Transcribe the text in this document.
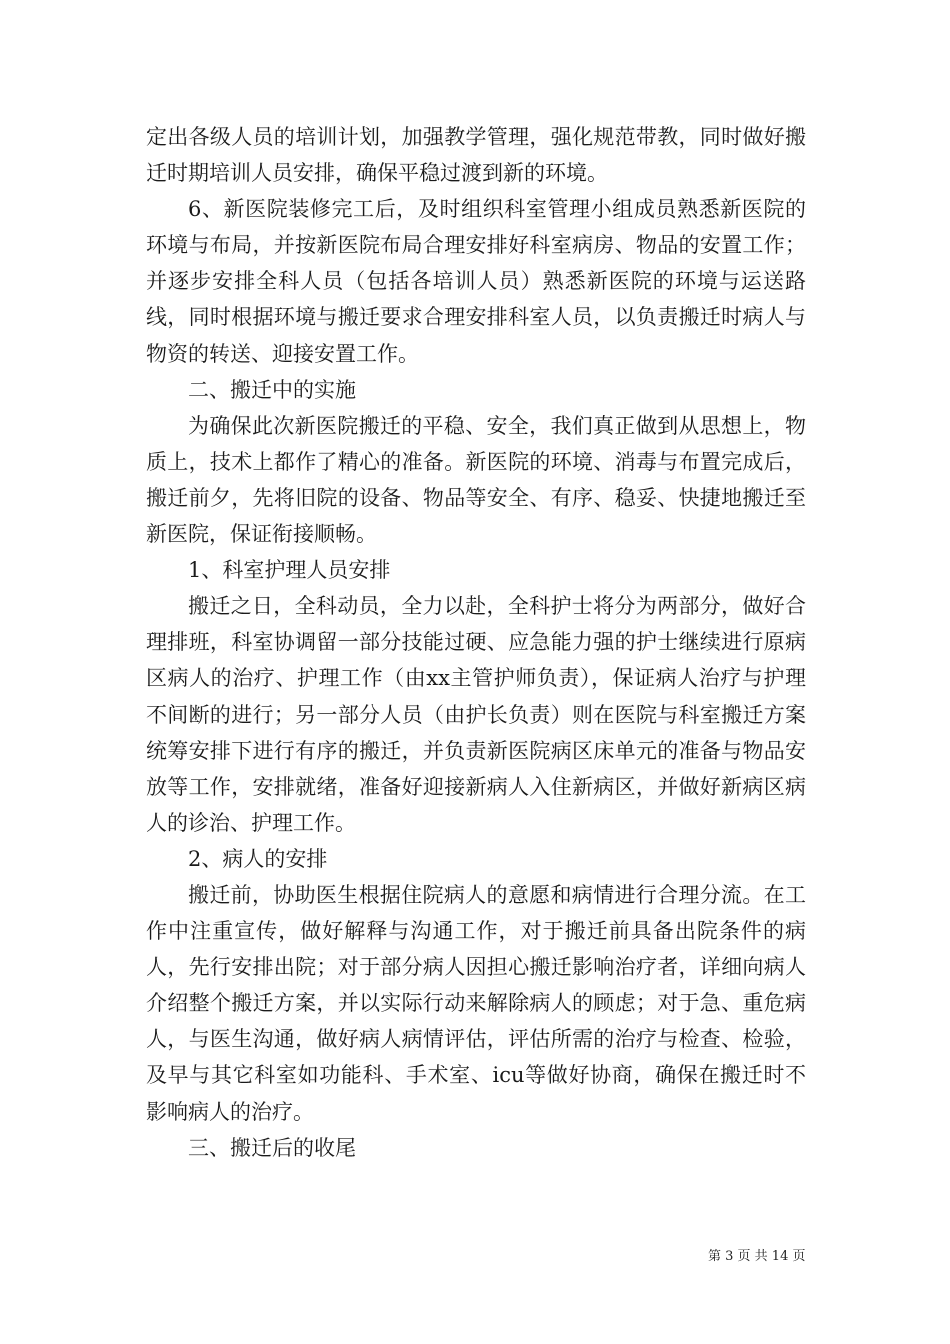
定出各级人员的培训计划，加强教学管理，强化规范带教，同时做好搬迁时期培训人员安排，确保平稳过渡到新的环境。

6、新医院装修完工后，及时组织科室管理小组成员熟悉新医院的环境与布局，并按新医院布局合理安排好科室病房、物品的安置工作；并逐步安排全科人员（包括各培训人员）熟悉新医院的环境与运送路线，同时根据环境与搬迁要求合理安排科室人员，以负责搬迁时病人与物资的转送、迎接安置工作。

二、搬迁中的实施

为确保此次新医院搬迁的平稳、安全，我们真正做到从思想上，物质上，技术上都作了精心的准备。新医院的环境、消毒与布置完成后，搬迁前夕，先将旧院的设备、物品等安全、有序、稳妥、快捷地搬迁至新医院，保证衔接顺畅。

1、科室护理人员安排

搬迁之日，全科动员，全力以赴，全科护士将分为两部分，做好合理排班，科室协调留一部分技能过硬、应急能力强的护士继续进行原病区病人的治疗、护理工作（由xx主管护师负责），保证病人治疗与护理不间断的进行；另一部分人员（由护长负责）则在医院与科室搬迁方案统筹安排下进行有序的搬迁，并负责新医院病区床单元的准备与物品安放等工作，安排就绪，准备好迎接新病人入住新病区，并做好新病区病人的诊治、护理工作。

2、病人的安排

搬迁前，协助医生根据住院病人的意愿和病情进行合理分流。在工作中注重宣传，做好解释与沟通工作，对于搬迁前具备出院条件的病人，先行安排出院；对于部分病人因担心搬迁影响治疗者，详细向病人介绍整个搬迁方案，并以实际行动来解除病人的顾虑；对于急、重危病人，与医生沟通，做好病人病情评估，评估所需的治疗与检查、检验，及早与其它科室如功能科、手术室、icu等做好协商，确保在搬迁时不影响病人的治疗。

三、搬迁后的收尾

第 3 页 共 14 页
